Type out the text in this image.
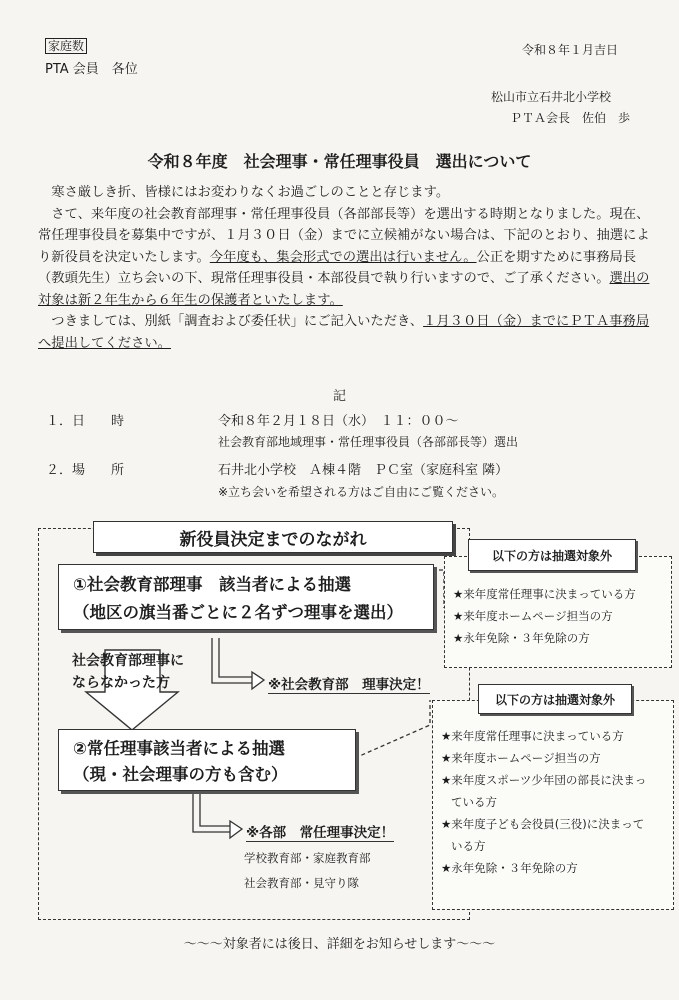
家庭数
PTA 会員　各位
令和８年１月吉日
松山市立石井北小学校
ＰＴＡ会長　佐伯　歩
令和８年度　社会理事・常任理事役員　選出について

寒さ厳しき折、皆様にはお変わりなくお過ごしのことと存じます。

さて、来年度の社会教育部理事・常任理事役員（各部部長等）を選出する時期となりました。現在、常任理事役員を募集中ですが、１月３０日（金）までに立候補がない場合は、下記のとおり、抽選により新役員を決定いたします。今年度も、集会形式での選出は行いません。公正を期すために事務局長（教頭先生）立ち会いの下、現常任理事役員・本部役員で執り行いますので、ご了承ください。選出の対象は新２年生から６年生の保護者といたします。

つきましては、別紙「調査および委任状」にご記入いただき、１月３０日（金）までにＰＴＡ事務局へ提出してください。

記
１． 日　　時	令和８年２月１８日（水）　１１：００～
社会教育部地域理事・常任理事役員（各部部長等）選出
２． 場　　所	石井北小学校　Ａ棟４階　ＰＣ室（家庭科室 隣）
※立ち会いを希望される方はご自由にご覧ください。
新役員決定までのながれ
①社会教育部理事　該当者による抽選
（地区の旗当番ごとに２名ずつ理事を選出）
社会教育部理事に
ならなかった方	※社会教育部　理事決定！
②常任理事該当者による抽選
（現・社会理事の方も含む）
※各部　常任理事決定！
学校教育部・家庭教育部
社会教育部・見守り隊
★来年度常任理事に決まっている方
★来年度ホームページ担当の方
★永年免除・３年免除の方
以下の方は抽選対象外
★来年度常任理事に決まっている方
★来年度ホームページ担当の方
★来年度スポーツ少年団の部長に決まっ
ている方
★来年度子ども会役員(三役)に決まって
いる方
★永年免除・３年免除の方
以下の方は抽選対象外
～～～対象者には後日、詳細をお知らせします～～～
